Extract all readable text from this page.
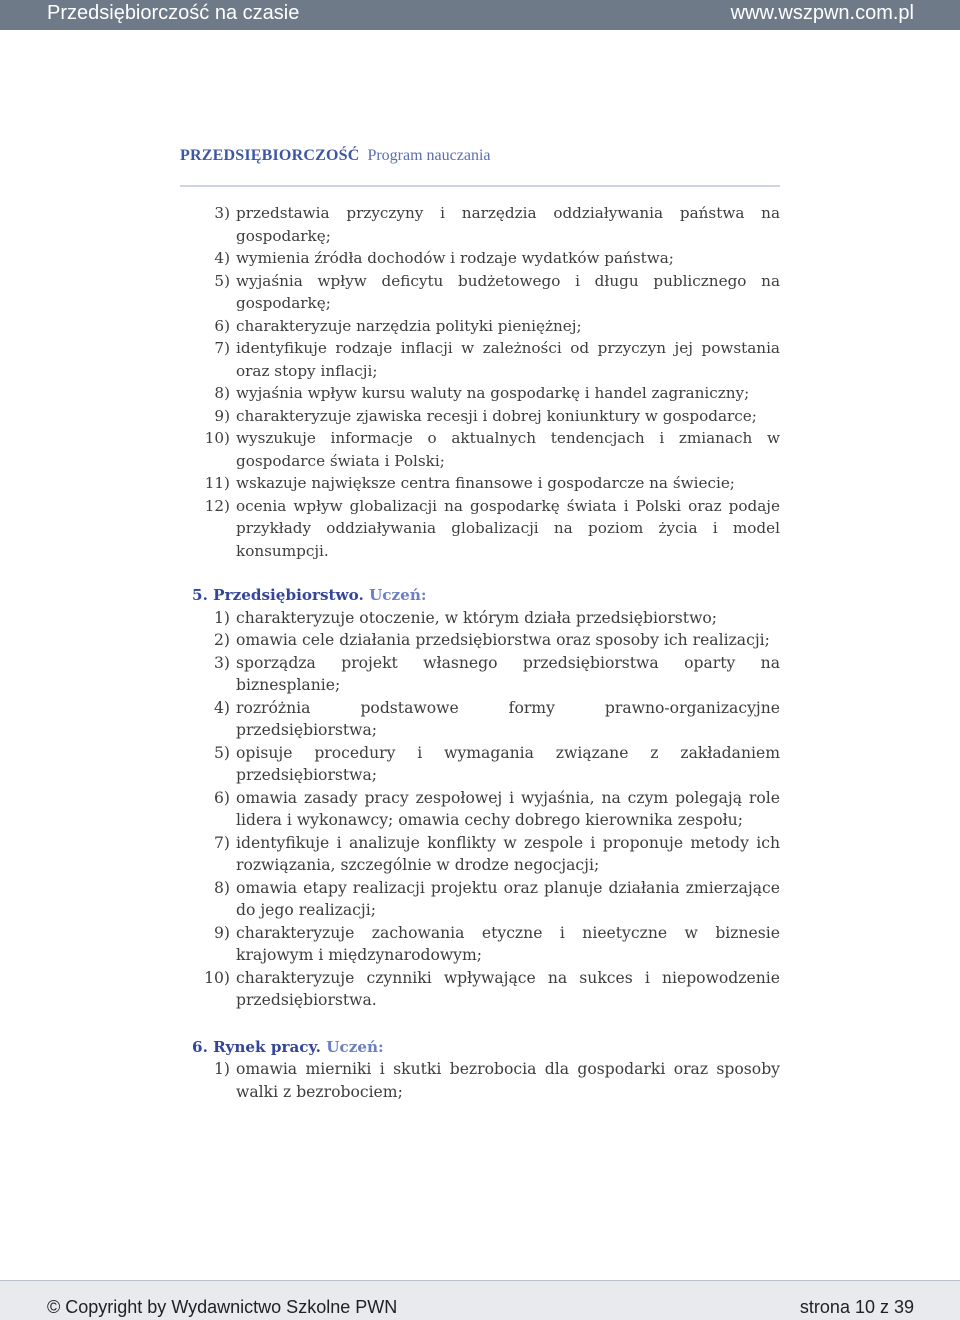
Przedsiębiorczość na czasie	www.wszpwn.com.pl
PRZEDSIĘBIORCZOŚĆ Program nauczania
3) przedstawia przyczyny i narzędzia oddziaływania państwa na gospodarkę;
4) wymienia źródła dochodów i rodzaje wydatków państwa;
5) wyjaśnia wpływ deficytu budżetowego i długu publicznego na gospodarkę;
6) charakteryzuje narzędzia polityki pieniężnej;
7) identyfikuje rodzaje inflacji w zależności od przyczyn jej powstania oraz stopy inflacji;
8) wyjaśnia wpływ kursu waluty na gospodarkę i handel zagraniczny;
9) charakteryzuje zjawiska recesji i dobrej koniunktury w gospodarce;
10) wyszukuje informacje o aktualnych tendencjach i zmianach w gospodarce świata i Polski;
11) wskazuje największe centra finansowe i gospodarcze na świecie;
12) ocenia wpływ globalizacji na gospodarkę świata i Polski oraz podaje przykłady oddziaływania globalizacji na poziom życia i model konsumpcji.
5. Przedsiębiorstwo. Uczeń:
1) charakteryzuje otoczenie, w którym działa przedsiębiorstwo;
2) omawia cele działania przedsiębiorstwa oraz sposoby ich realizacji;
3) sporządza projekt własnego przedsiębiorstwa oparty na biznesplanie;
4) rozróżnia podstawowe formy prawno-organizacyjne przedsiębiorstwa;
5) opisuje procedury i wymagania związane z zakładaniem przedsiębiorstwa;
6) omawia zasady pracy zespołowej i wyjaśnia, na czym polegają role lidera i wykonawcy; omawia cechy dobrego kierownika zespołu;
7) identyfikuje i analizuje konflikty w zespole i proponuje metody ich rozwiązania, szczególnie w drodze negocjacji;
8) omawia etapy realizacji projektu oraz planuje działania zmierzające do jego realizacji;
9) charakteryzuje zachowania etyczne i nieetyczne w biznesie krajowym i międzynarodowym;
10) charakteryzuje czynniki wpływające na sukces i niepowodzenie przedsiębiorstwa.
6. Rynek pracy. Uczeń:
1) omawia mierniki i skutki bezrobocia dla gospodarki oraz sposoby walki z bezrobociem;
© Copyright by Wydawnictwo Szkolne PWN	strona 10 z 39
